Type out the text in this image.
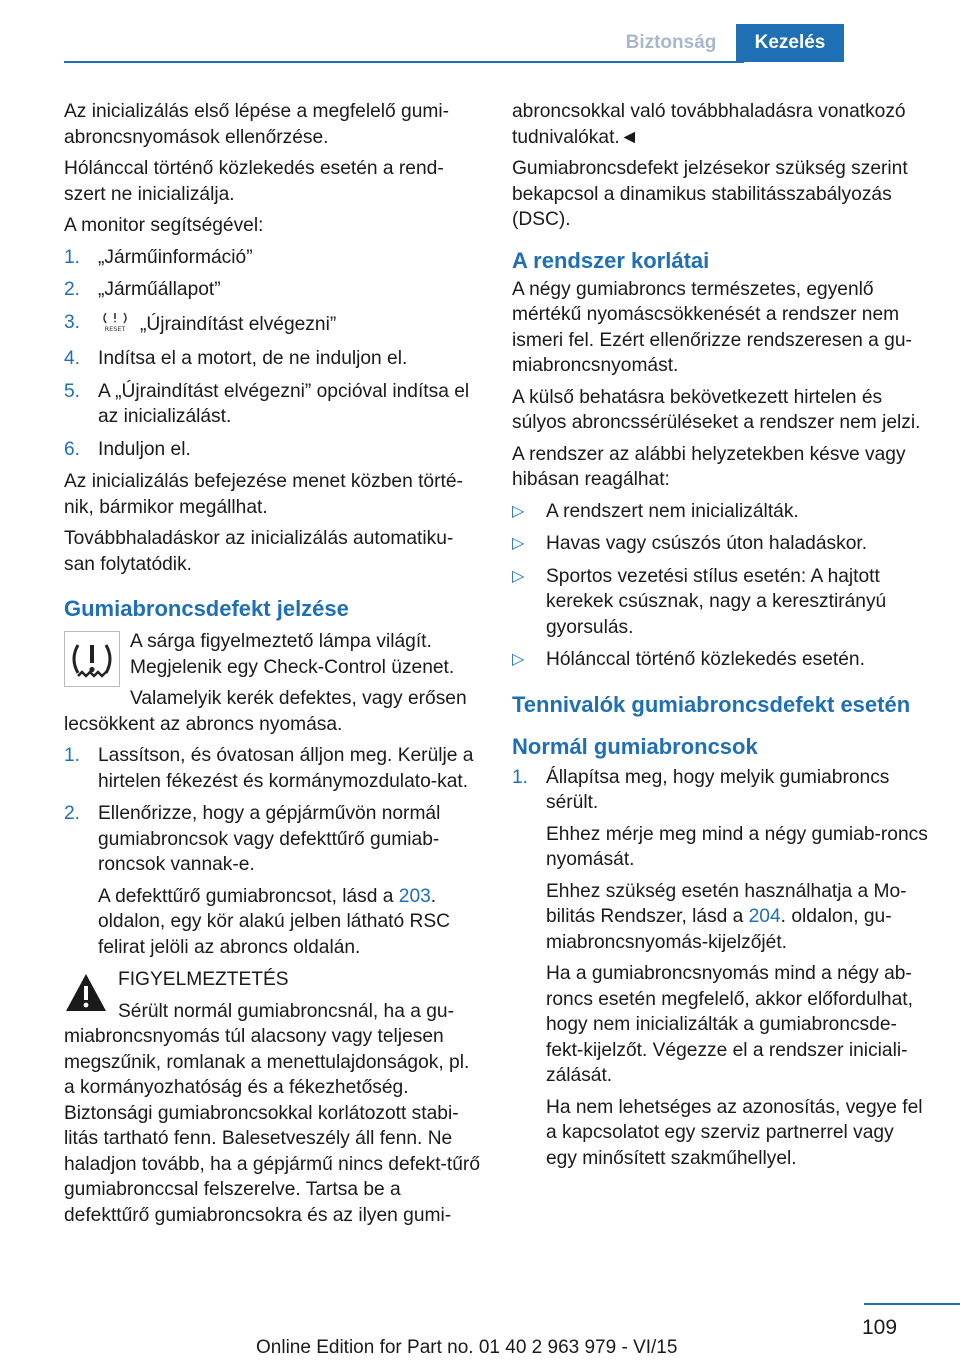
Biztonság	Kezelés

Az inicializálás első lépése a megfelelő gumi-abroncsnyomások ellenőrzése.

Hólánccal történő közlekedés esetén a rend-szert ne inicializálja.

A monitor segítségével:

1. „Járműinformáció”
2. „Járműállapot”
3.	RESET „Újraindítást elvégezni”
4. Indítsa el a motort, de ne induljon el.
5. A „Újraindítást elvégezni” opcióval indítsa el az inicializálást.
6. Induljon el.

Az inicializálás befejezése menet közben törté-nik, bármikor megállhat.

Továbbhaladáskor az inicializálás automatiku-san folytatódik.

Gumiabroncsdefekt jelzése

A sárga figyelmeztető lámpa világít. Megjelenik egy Check-Control üzenet.

Valamelyik kerék defektes, vagy erősen lecsökkent az abroncs nyomása.

1. Lassítson, és óvatosan álljon meg. Kerülje a hirtelen fékezést és kormánymozdulato-kat.
2. Ellenőrizze, hogy a gépjárművön normál gumiabroncsok vagy defekttűrő gumiab-roncsok vannak-e.
A defekttűrő gumiabroncsot, lásd a 203. oldalon, egy kör alakú jelben látható RSC felirat jelöli az abroncs oldalán.

FIGYELMEZTETÉS

Sérült normál gumiabroncsnál, ha a gu-miabroncsnyomás túl alacsony vagy teljesen megszűnik, romlanak a menettulajdonságok, pl. a kormányozhatóság és a fékezhetőség. Biztonsági gumiabroncsokkal korlátozott stabi-litás tartható fenn. Balesetveszély áll fenn. Ne haladjon tovább, ha a gépjármű nincs defekt-tűrő gumiabronccsal felszerelve. Tartsa be a defekttűrő gumiabroncsokra és az ilyen gumi-

abroncsokkal való továbbhaladásra vonatkozó tudnivalókat.◄

Gumiabroncsdefekt jelzésekor szükség szerint bekapcsol a dinamikus stabilitásszabályozás (DSC).

A rendszer korlátai

A négy gumiabroncs természetes, egyenlő mértékű nyomáscsökkenését a rendszer nem ismeri fel. Ezért ellenőrizze rendszeresen a gu-miabroncsnyomást.

A külső behatásra bekövetkezett hirtelen és súlyos abroncssérüléseket a rendszer nem jelzi.

A rendszer az alábbi helyzetekben késve vagy hibásan reagálhat:

▷ A rendszert nem inicializálták.
▷ Havas vagy csúszós úton haladáskor.
▷ Sportos vezetési stílus esetén: A hajtott kerekek csúsznak, nagy a keresztirányú gyorsulás.
▷ Hólánccal történő közlekedés esetén.
Tennivalók gumiabroncsdefekt esetén
Normál gumiabroncsok
1. Állapítsa meg, hogy melyik gumiabroncs sérült.
Ehhez mérje meg mind a négy gumiab-roncs nyomását.
Ehhez szükség esetén használhatja a Mo-bilitás Rendszer, lásd a 204. oldalon, gu-miabroncsnyomás-kijelzőjét.
Ha a gumiabroncsnyomás mind a négy ab-roncs esetén megfelelő, akkor előfordulhat, hogy nem inicializálták a gumiabroncsde-fekt-kijelzőt. Végezze el a rendszer iniciali-zálását.
Ha nem lehetséges az azonosítás, vegye fel a kapcsolatot egy szerviz partnerrel vagy egy minősített szakműhellyel.
109
Online Edition for Part no. 01 40 2 963 979 - VI/15
